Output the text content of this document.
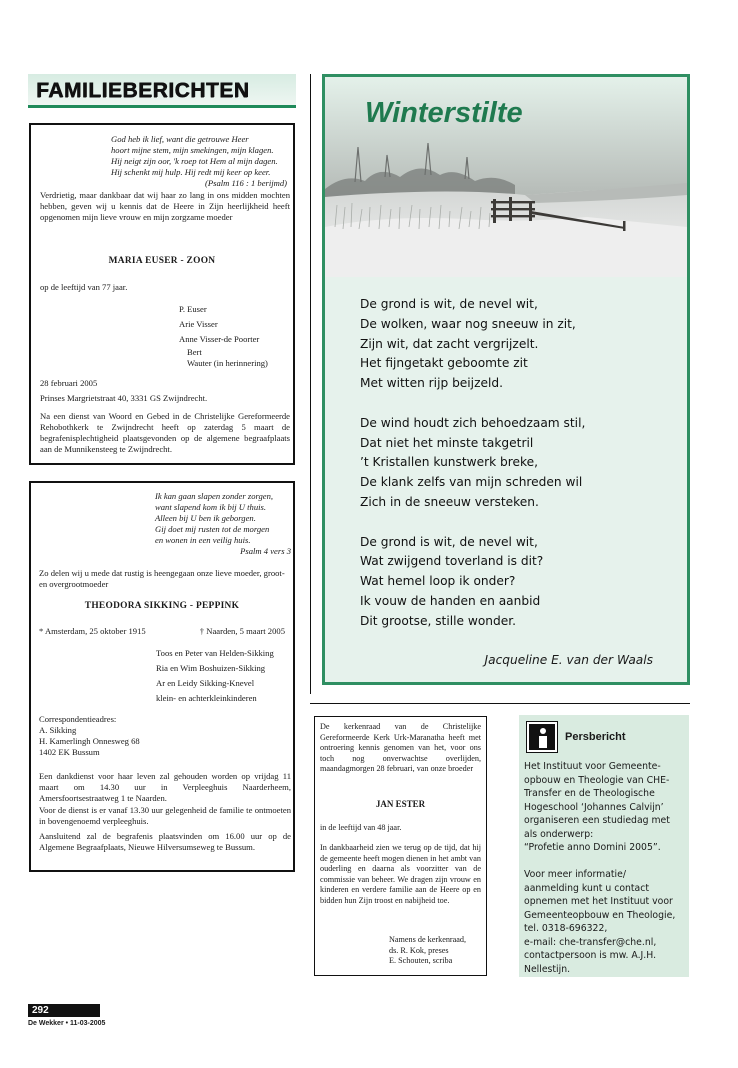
FAMILIEBERICHTEN

God heb ik lief, want die getrouwe Heer

hoort mijne stem, mijn smekingen, mijn klagen.

Hij neigt zijn oor, 'k roep tot Hem al mijn dagen.

Hij schenkt mij hulp. Hij redt mij keer op keer.

(Psalm 116 : 1 berijmd)

Verdrietig, maar dankbaar dat wij haar zo lang in ons midden mochten hebben, geven wij u kennis dat de Heere in Zijn heerlijkheid heeft opgenomen mijn lieve vrouw en mijn zorgzame moeder

MARIA EUSER - ZOON

op de leeftijd van 77 jaar.

P. Euser

Arie Visser

Anne Visser-de Poorter

Bert

Wauter (in herinnering)

28 februari 2005

Prinses Margrietstraat 40, 3331 GS Zwijndrecht.

Na een dienst van Woord en Gebed in de Christelijke Gereformeerde Rehobothkerk te Zwijndrecht heeft op zaterdag 5 maart de begrafenisplechtigheid plaatsgevonden op de algemene begraafplaats aan de Munnikensteeg te Zwijndrecht.

Ik kan gaan slapen zonder zorgen,

want slapend kom ik bij U thuis.

Alleen bij U ben ik geborgen.

Gij doet mij rusten tot de morgen

en wonen in een veilig huis.

Psalm 4 vers 3

Zo delen wij u mede dat rustig is heengegaan onze lieve moeder, groot- en overgrootmoeder

THEODORA SIKKING - PEPPINK

* Amsterdam, 25 oktober 1915	† Naarden, 5 maart 2005

Toos en Peter van Helden-Sikking

Ria en Wim Boshuizen-Sikking

Ar en Leidy Sikking-Knevel

klein- en achterkleinkinderen

Correspondentieadres:

A. Sikking

H. Kamerlingh Onnesweg 68

1402 EK Bussum

Een dankdienst voor haar leven zal gehouden worden op vrijdag 11 maart om 14.30 uur in Verpleeghuis Naarderheem, Amersfoortsestraatweg 1 te Naarden.

Voor de dienst is er vanaf 13.30 uur gelegenheid de familie te ontmoeten in bovengenoemd verpleeghuis.

Aansluitend zal de begrafenis plaatsvinden om 16.00 uur op de Algemene Begraafplaats, Nieuwe Hilversumseweg te Bussum.

Winterstilte

De grond is wit, de nevel wit,

De wolken, waar nog sneeuw in zit,

Zijn wit, dat zacht vergrijzelt.

Het fijngetakt geboomte zit

Met witten rijp beijzeld.

De wind houdt zich behoedzaam stil,

Dat niet het minste takgetril

’t Kristallen kunstwerk breke,

De klank zelfs van mijn schreden wil

Zich in de sneeuw versteken.

De grond is wit, de nevel wit,

Wat zwijgend toverland is dit?

Wat hemel loop ik onder?

Ik vouw de handen en aanbid

Dit grootse, stille wonder.

Jacqueline E. van der Waals

De kerkenraad van de Christelijke Gereformeerde Kerk Urk-Maranatha heeft met ontroering kennis genomen van het, voor ons toch nog onverwachtse overlijden, maandagmorgen 28 februari, van onze broeder

JAN ESTER

in de leeftijd van 48 jaar.

In dankbaarheid zien we terug op de tijd, dat hij de gemeente heeft mogen dienen in het ambt van ouderling en daarna als voorzitter van de commissie van beheer. We dragen zijn vrouw en kinderen en verdere familie aan de Heere op en bidden hun Zijn troost en nabijheid toe.

Namens de kerkenraad,

ds. R. Kok, preses

E. Schouten, scriba

Persbericht

Het Instituut voor Gemeente-

opbouw en Theologie van CHE-

Transfer en de Theologische

Hogeschool ‘Johannes Calvijn’

organiseren een studiedag met

als onderwerp:

“Profetie anno Domini 2005”.

Voor meer informatie/

aanmelding kunt u contact

opnemen met het Instituut voor

Gemeenteopbouw en Theologie,

tel. 0318-696322,

e-mail: che-transfer@che.nl,

contactpersoon is mw. A.J.H.

Nellestijn.

292
De Wekker • 11-03-2005
